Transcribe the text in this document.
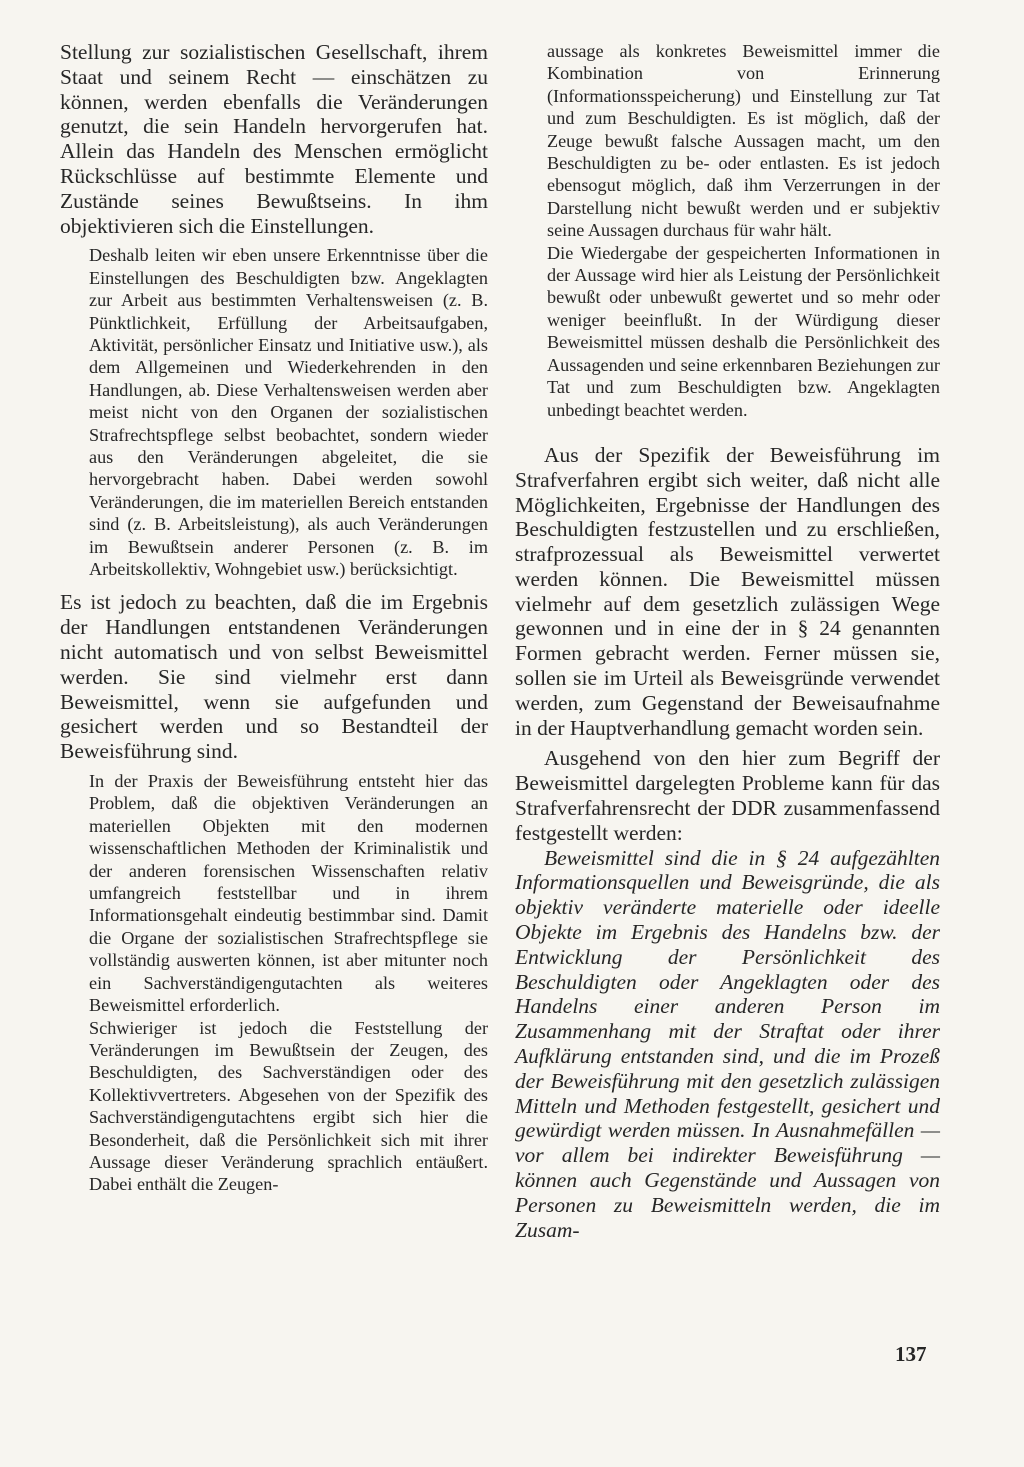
Stellung zur sozialistischen Gesellschaft, ihrem Staat und seinem Recht — einschätzen zu können, werden ebenfalls die Veränderungen genutzt, die sein Handeln hervorgerufen hat. Allein das Handeln des Menschen ermöglicht Rückschlüsse auf bestimmte Elemente und Zustände seines Bewußtseins. In ihm objektivieren sich die Einstellungen.

Deshalb leiten wir eben unsere Erkenntnisse über die Einstellungen des Beschuldigten bzw. Angeklagten zur Arbeit aus bestimmten Verhaltensweisen (z. B. Pünktlichkeit, Erfüllung der Arbeitsaufgaben, Aktivität, persönlicher Einsatz und Initiative usw.), als dem Allgemeinen und Wiederkehrenden in den Handlungen, ab. Diese Verhaltensweisen werden aber meist nicht von den Organen der sozialistischen Strafrechtspflege selbst beobachtet, sondern wieder aus den Veränderungen abgeleitet, die sie hervorgebracht haben. Dabei werden sowohl Veränderungen, die im materiellen Bereich entstanden sind (z. B. Arbeitsleistung), als auch Veränderungen im Bewußtsein anderer Personen (z. B. im Arbeitskollektiv, Wohngebiet usw.) berücksichtigt.

Es ist jedoch zu beachten, daß die im Ergebnis der Handlungen entstandenen Veränderungen nicht automatisch und von selbst Beweismittel werden. Sie sind vielmehr erst dann Beweismittel, wenn sie aufgefunden und gesichert werden und so Bestandteil der Beweisführung sind.

In der Praxis der Beweisführung entsteht hier das Problem, daß die objektiven Veränderungen an materiellen Objekten mit den modernen wissenschaftlichen Methoden der Kriminalistik und der anderen forensischen Wissenschaften relativ umfangreich feststellbar und in ihrem Informationsgehalt eindeutig bestimmbar sind. Damit die Organe der sozialistischen Strafrechtspflege sie vollständig auswerten können, ist aber mitunter noch ein Sachverständigengutachten als weiteres Beweismittel erforderlich.

Schwieriger ist jedoch die Feststellung der Veränderungen im Bewußtsein der Zeugen, des Beschuldigten, des Sachverständigen oder des Kollektivvertreters. Abgesehen von der Spezifik des Sachverständigengutachtens ergibt sich hier die Besonderheit, daß die Persönlichkeit sich mit ihrer Aussage dieser Veränderung sprachlich entäußert. Dabei enthält die Zeugen-

aussage als konkretes Beweismittel immer die Kombination von Erinnerung (Informationsspeicherung) und Einstellung zur Tat und zum Beschuldigten. Es ist möglich, daß der Zeuge bewußt falsche Aussagen macht, um den Beschuldigten zu be- oder entlasten. Es ist jedoch ebensogut möglich, daß ihm Verzerrungen in der Darstellung nicht bewußt werden und er subjektiv seine Aussagen durchaus für wahr hält.

Die Wiedergabe der gespeicherten Informationen in der Aussage wird hier als Leistung der Persönlichkeit bewußt oder unbewußt gewertet und so mehr oder weniger beeinflußt. In der Würdigung dieser Beweismittel müssen deshalb die Persönlichkeit des Aussagenden und seine erkennbaren Beziehungen zur Tat und zum Beschuldigten bzw. Angeklagten unbedingt beachtet werden.

Aus der Spezifik der Beweisführung im Strafverfahren ergibt sich weiter, daß nicht alle Möglichkeiten, Ergebnisse der Handlungen des Beschuldigten festzustellen und zu erschließen, strafprozessual als Beweismittel verwertet werden können. Die Beweismittel müssen vielmehr auf dem gesetzlich zulässigen Wege gewonnen und in eine der in § 24 genannten Formen gebracht werden. Ferner müssen sie, sollen sie im Urteil als Beweisgründe verwendet werden, zum Gegenstand der Beweisaufnahme in der Hauptverhandlung gemacht worden sein.

Ausgehend von den hier zum Begriff der Beweismittel dargelegten Probleme kann für das Strafverfahrensrecht der DDR zusammenfassend festgestellt werden:

Beweismittel sind die in § 24 aufgezählten Informationsquellen und Beweisgründe, die als objektiv veränderte materielle oder ideelle Objekte im Ergebnis des Handelns bzw. der Entwicklung der Persönlichkeit des Beschuldigten oder Angeklagten oder des Handelns einer anderen Person im Zusammenhang mit der Straftat oder ihrer Aufklärung entstanden sind, und die im Prozeß der Beweisführung mit den gesetzlich zulässigen Mitteln und Methoden festgestellt, gesichert und gewürdigt werden müssen. In Ausnahmefällen — vor allem bei indirekter Beweisführung — können auch Gegenstände und Aussagen von Personen zu Beweismitteln werden, die im Zusam-

137
